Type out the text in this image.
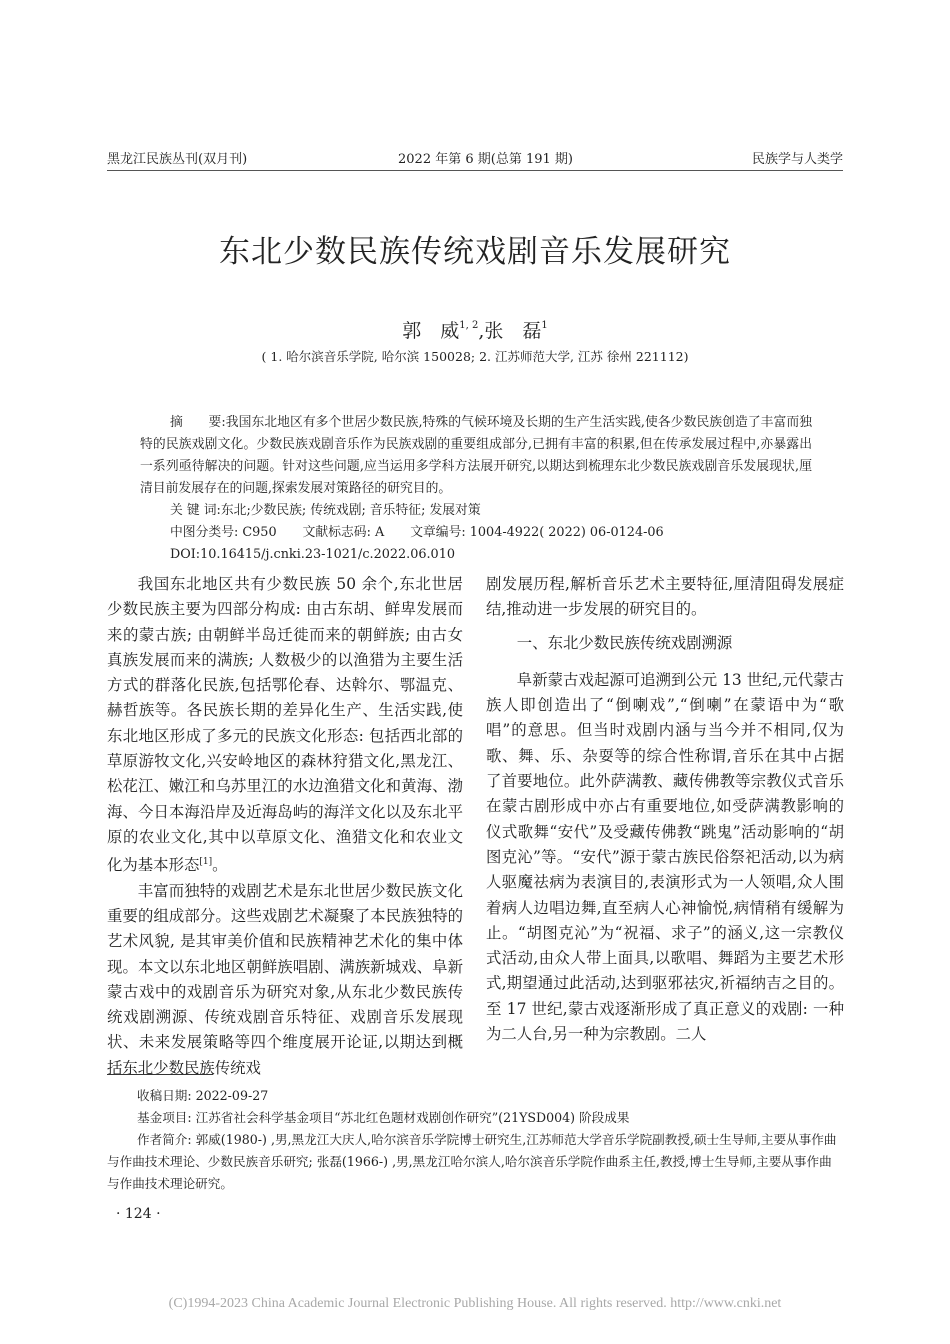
黑龙江民族丛刊(双月刊)	2022 年第 6 期(总第 191 期)	民族学与人类学
东北少数民族传统戏剧音乐发展研究
郭　威$^{1, 2}$,张　磊$^1$
( 1. 哈尔滨音乐学院, 哈尔滨 150028; 2. 江苏师范大学, 江苏 徐州 221112)

摘　　要:我国东北地区有多个世居少数民族,特殊的气候环境及长期的生产生活实践,使各少数民族创造了丰富而独特的民族戏剧文化。少数民族戏剧音乐作为民族戏剧的重要组成部分,已拥有丰富的积累,但在传承发展过程中,亦暴露出一系列亟待解决的问题。针对这些问题,应当运用多学科方法展开研究,以期达到梳理东北少数民族戏剧音乐发展现状,厘清目前发展存在的问题,探索发展对策路径的研究目的。

关 键 词:东北;少数民族; 传统戏剧; 音乐特征; 发展对策

中图分类号: C950 文献标志码: A 文章编号: 1004-4922( 2022) 06-0124-06

DOI:10.16415/j.cnki.23-1021/c.2022.06.010

我国东北地区共有少数民族 50 余个,东北世居少数民族主要为四部分构成: 由古东胡、鲜卑发展而来的蒙古族; 由朝鲜半岛迁徙而来的朝鲜族; 由古女真族发展而来的满族; 人数极少的以渔猎为主要生活方式的群落化民族,包括鄂伦春、达斡尔、鄂温克、赫哲族等。各民族长期的差异化生产、生活实践,使东北地区形成了多元的民族文化形态: 包括西北部的草原游牧文化,兴安岭地区的森林狩猎文化,黑龙江、松花江、嫩江和乌苏里江的水边渔猎文化和黄海、渤海、今日本海沿岸及近海岛屿的海洋文化以及东北平原的农业文化,其中以草原文化、渔猎文化和农业文化为基本形态[1]。

丰富而独特的戏剧艺术是东北世居少数民族文化重要的组成部分。这些戏剧艺术凝聚了本民族独特的艺术风貌, 是其审美价值和民族精神艺术化的集中体现。本文以东北地区朝鲜族唱剧、满族新城戏、阜新蒙古戏中的戏剧音乐为研究对象,从东北少数民族传统戏剧溯源、传统戏剧音乐特征、戏剧音乐发展现状、未来发展策略等四个维度展开论证,以期达到概括东北少数民族传统戏

剧发展历程,解析音乐艺术主要特征,厘清阻碍发展症结,推动进一步发展的研究目的。

一、东北少数民族传统戏剧溯源

阜新蒙古戏起源可追溯到公元 13 世纪,元代蒙古族人即创造出了“倒喇戏”,“倒喇”在蒙语中为“歌唱”的意思。但当时戏剧内涵与当今并不相同,仅为歌、舞、乐、杂耍等的综合性称谓,音乐在其中占据了首要地位。此外萨满教、藏传佛教等宗教仪式音乐在蒙古剧形成中亦占有重要地位,如受萨满教影响的仪式歌舞“安代”及受藏传佛教“跳鬼”活动影响的“胡图克沁”等。“安代”源于蒙古族民俗祭祀活动,以为病人驱魔祛病为表演目的,表演形式为一人领唱,众人围着病人边唱边舞,直至病人心神愉悦,病情稍有缓解为止。“胡图克沁”为“祝福、求子”的涵义,这一宗教仪式活动,由众人带上面具,以歌唱、舞蹈为主要艺术形式,期望通过此活动,达到驱邪祛灾,祈福纳吉之目的。至 17 世纪,蒙古戏逐渐形成了真正意义的戏剧: 一种为二人台,另一种为宗教剧。二人

收稿日期: 2022-09-27

基金项目: 江苏省社会科学基金项目“苏北红色题材戏剧创作研究”(21YSD004) 阶段成果

作者简介: 郭威(1980-) ,男,黑龙江大庆人,哈尔滨音乐学院博士研究生,江苏师范大学音乐学院副教授,硕士生导师,主要从事作曲与作曲技术理论、少数民族音乐研究; 张磊(1966-) ,男,黑龙江哈尔滨人,哈尔滨音乐学院作曲系主任,教授,博士生导师,主要从事作曲与作曲技术理论研究。

· 124 ·
(C)1994-2023 China Academic Journal Electronic Publishing House. All rights reserved. http://www.cnki.net
